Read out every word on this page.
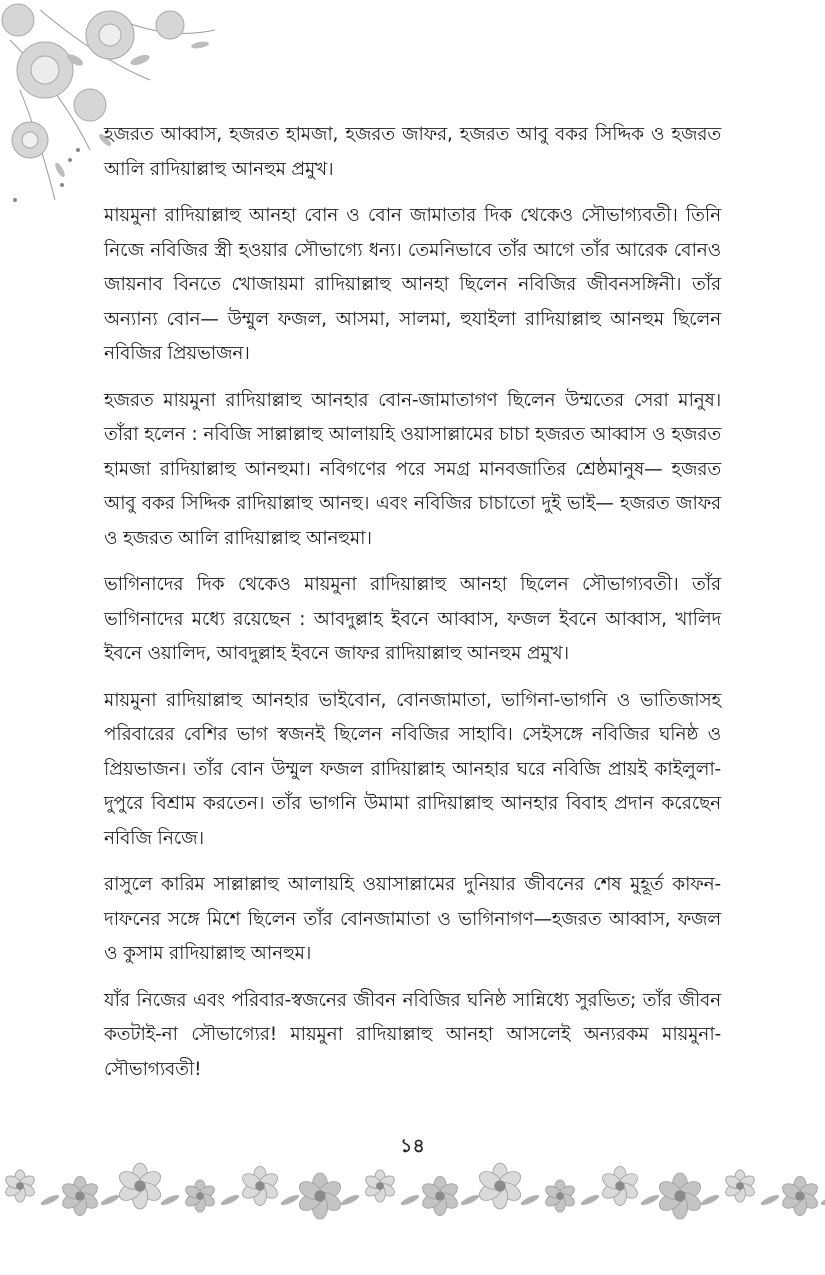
হজরত আব্বাস, হজরত হামজা, হজরত জাফর, হজরত আবু বকর সিদ্দিক ও হজরত আলি রাদিয়াল্লাহু আনহুম প্রমুখ।

মায়মুনা রাদিয়াল্লাহু আনহা বোন ও বোন জামাতার দিক থেকেও সৌভাগ্যবতী। তিনি নিজে নবিজির স্ত্রী হওয়ার সৌভাগ্যে ধন্য। তেমনিভাবে তাঁর আগে তাঁর আরেক বোনও জায়নাব বিনতে খোজায়মা রাদিয়াল্লাহু আনহা ছিলেন নবিজির জীবনসঙ্গিনী। তাঁর অন্যান্য বোন— উম্মুল ফজল, আসমা, সালমা, হুযাইলা রাদিয়াল্লাহু আনহুম ছিলেন নবিজির প্রিয়ভাজন।

হজরত মায়মুনা রাদিয়াল্লাহু আনহার বোন-জামাতাগণ ছিলেন উম্মতের সেরা মানুষ। তাঁরা হলেন : নবিজি সাল্লাল্লাহু আলায়হি ওয়াসাল্লামের চাচা হজরত আব্বাস ও হজরত হামজা রাদিয়াল্লাহু আনহুমা। নবিগণের পরে সমগ্র মানবজাতির শ্রেষ্ঠমানুষ— হজরত আবু বকর সিদ্দিক রাদিয়াল্লাহু আনহু। এবং নবিজির চাচাতো দুই ভাই— হজরত জাফর ও হজরত আলি রাদিয়াল্লাহু আনহুমা।

ভাগিনাদের দিক থেকেও মায়মুনা রাদিয়াল্লাহু আনহা ছিলেন সৌভাগ্যবতী। তাঁর ভাগিনাদের মধ্যে রয়েছেন : আবদুল্লাহ ইবনে আব্বাস, ফজল ইবনে আব্বাস, খালিদ ইবনে ওয়ালিদ, আবদুল্লাহ ইবনে জাফর রাদিয়াল্লাহু আনহুম প্রমুখ।

মায়মুনা রাদিয়াল্লাহু আনহার ভাইবোন, বোনজামাতা, ভাগিনা-ভাগনি ও ভাতিজাসহ পরিবারের বেশির ভাগ স্বজনই ছিলেন নবিজির সাহাবি। সেইসঙ্গে নবিজির ঘনিষ্ঠ ও প্রিয়ভাজন। তাঁর বোন উম্মুল ফজল রাদিয়াল্লাহ আনহার ঘরে নবিজি প্রায়ই কাইলুলা-দুপুরে বিশ্রাম করতেন। তাঁর ভাগনি উমামা রাদিয়াল্লাহু আনহার বিবাহ প্রদান করেছেন নবিজি নিজে।

রাসুলে কারিম সাল্লাল্লাহু আলায়হি ওয়াসাল্লামের দুনিয়ার জীবনের শেষ মুহূর্ত কাফন-দাফনের সঙ্গে মিশে ছিলেন তাঁর বোনজামাতা ও ভাগিনাগণ—হজরত আব্বাস, ফজল ও কুসাম রাদিয়াল্লাহু আনহুম।

যাঁর নিজের এবং পরিবার-স্বজনের জীবন নবিজির ঘনিষ্ঠ সান্নিধ্যে সুরভিত; তাঁর জীবন কতটাই-না সৌভাগ্যের! মায়মুনা রাদিয়াল্লাহু আনহা আসলেই অন্যরকম মায়মুনা-সৌভাগ্যবতী!

১৪
